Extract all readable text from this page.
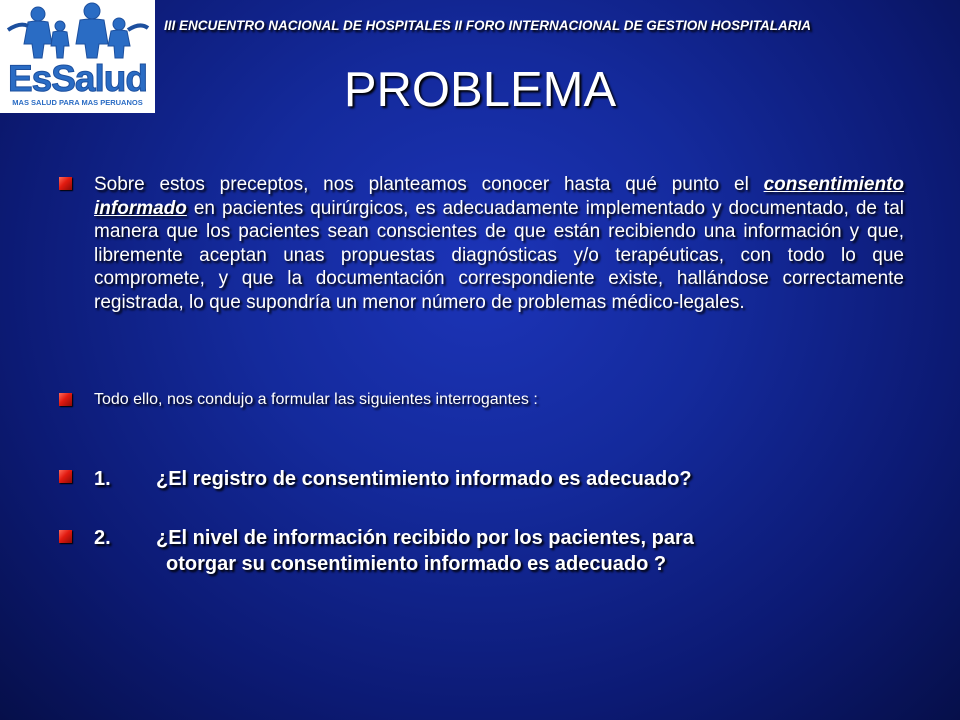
EsSalud
MAS SALUD PARA MAS PERUANOS
III ENCUENTRO NACIONAL DE HOSPITALES II FORO INTERNACIONAL DE GESTION HOSPITALARIA
PROBLEMA
Sobre estos preceptos, nos planteamos conocer hasta qué punto el consentimiento informado en pacientes quirúrgicos, es adecuadamente implementado y documentado, de tal manera que los pacientes sean conscientes de que están recibiendo una información y que, libremente aceptan unas propuestas diagnósticas y/o terapéuticas, con todo lo que compromete, y que la documentación correspondiente existe, hallándose correctamente registrada, lo que supondría un menor número de problemas médico-legales.
Todo ello, nos condujo a formular las siguientes interrogantes :
1. ¿El registro de consentimiento informado es adecuado?
2. ¿El nivel de información recibido por los pacientes, para
otorgar su consentimiento informado es adecuado ?
